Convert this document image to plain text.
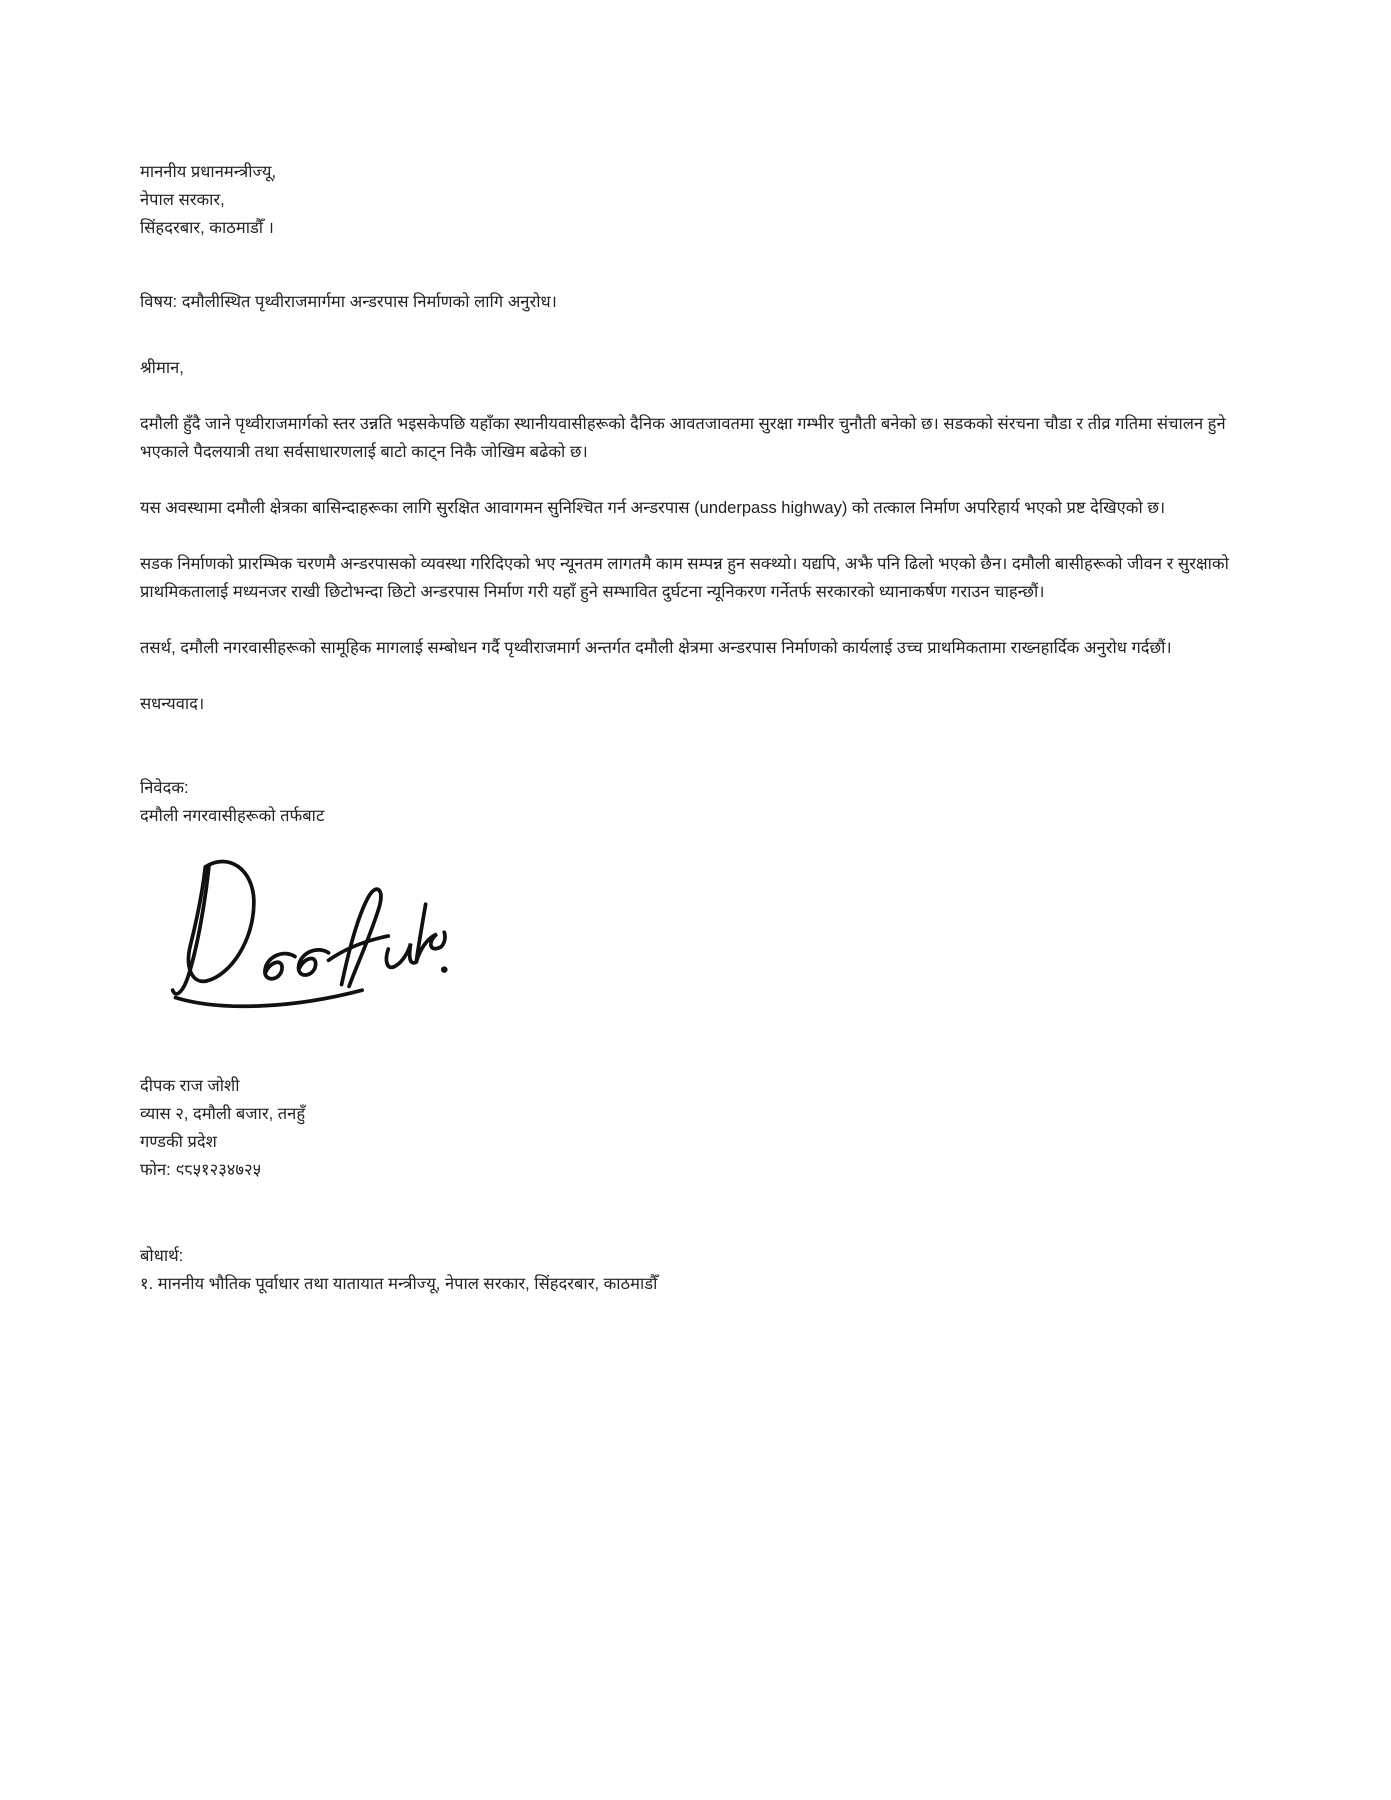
माननीय प्रधानमन्त्रीज्यू,

नेपाल सरकार,

सिंहदरबार, काठमाडौँ ।

विषय: दमौलीस्थित पृथ्वीराजमार्गमा अन्डरपास निर्माणको लागि अनुरोध।

श्रीमान,

दमौली हुँदै जाने पृथ्वीराजमार्गको स्तर उन्नति भइसकेपछि यहाँका स्थानीयवासीहरूको दैनिक आवतजावतमा सुरक्षा गम्भीर चुनौती बनेको छ। सडकको संरचना चौडा र तीव्र गतिमा संचालन हुने भएकाले पैदलयात्री तथा सर्वसाधारणलाई बाटो काट्न निकै जोखिम बढेको छ।

यस अवस्थामा दमौली क्षेत्रका बासिन्दाहरूका लागि सुरक्षित आवागमन सुनिश्चित गर्न अन्डरपास (underpass highway) को तत्काल निर्माण अपरिहार्य भएको प्रष्ट देखिएको छ।

सडक निर्माणको प्रारम्भिक चरणमै अन्डरपासको व्यवस्था गरिदिएको भए न्यूनतम लागतमै काम सम्पन्न हुन सक्थ्यो। यद्यपि, अझै पनि ढिलो भएको छैन। दमौली बासीहरूको जीवन र सुरक्षाको प्राथमिकतालाई मध्यनजर राखी छिटोभन्दा छिटो अन्डरपास निर्माण गरी यहाँ हुने सम्भावित दुर्घटना न्यूनिकरण गर्नेतर्फ सरकारको ध्यानाकर्षण गराउन चाहन्छौं।

तसर्थ, दमौली नगरवासीहरूको सामूहिक मागलाई सम्बोधन गर्दै पृथ्वीराजमार्ग अन्तर्गत दमौली क्षेत्रमा अन्डरपास निर्माणको कार्यलाई उच्च प्राथमिकतामा राख्नहार्दिक अनुरोध गर्दछौं।

सधन्यवाद।

निवेदक:

दमौली नगरवासीहरूको तर्फबाट

दीपक राज जोशी

व्यास २, दमौली बजार, तनहुँ

गण्डकी प्रदेश

फोन: ९८५१२३४७२५

बोधार्थ:

१. माननीय भौतिक पूर्वाधार तथा यातायात मन्त्रीज्यू, नेपाल सरकार, सिंहदरबार, काठमाडौँ
